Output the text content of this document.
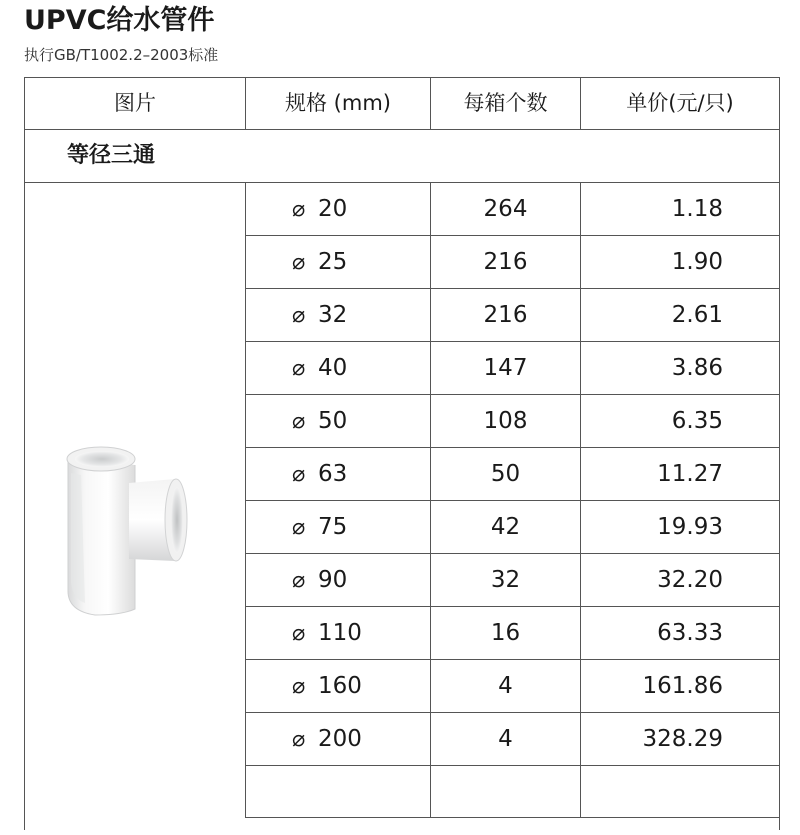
UPVC给水管件
执行GB/T1002.2–2003标准
图片	规格 (mm)	每箱个数	单价(元/只)
等径三通
⌀ 20	264	1.18
⌀ 25	216	1.90
⌀ 32	216	2.61
⌀ 40	147	3.86
⌀ 50	108	6.35
⌀ 63	50	11.27
⌀ 75	42	19.93
⌀ 90	32	32.20
⌀ 110	16	63.33
⌀ 160	4	161.86
⌀ 200	4	328.29
